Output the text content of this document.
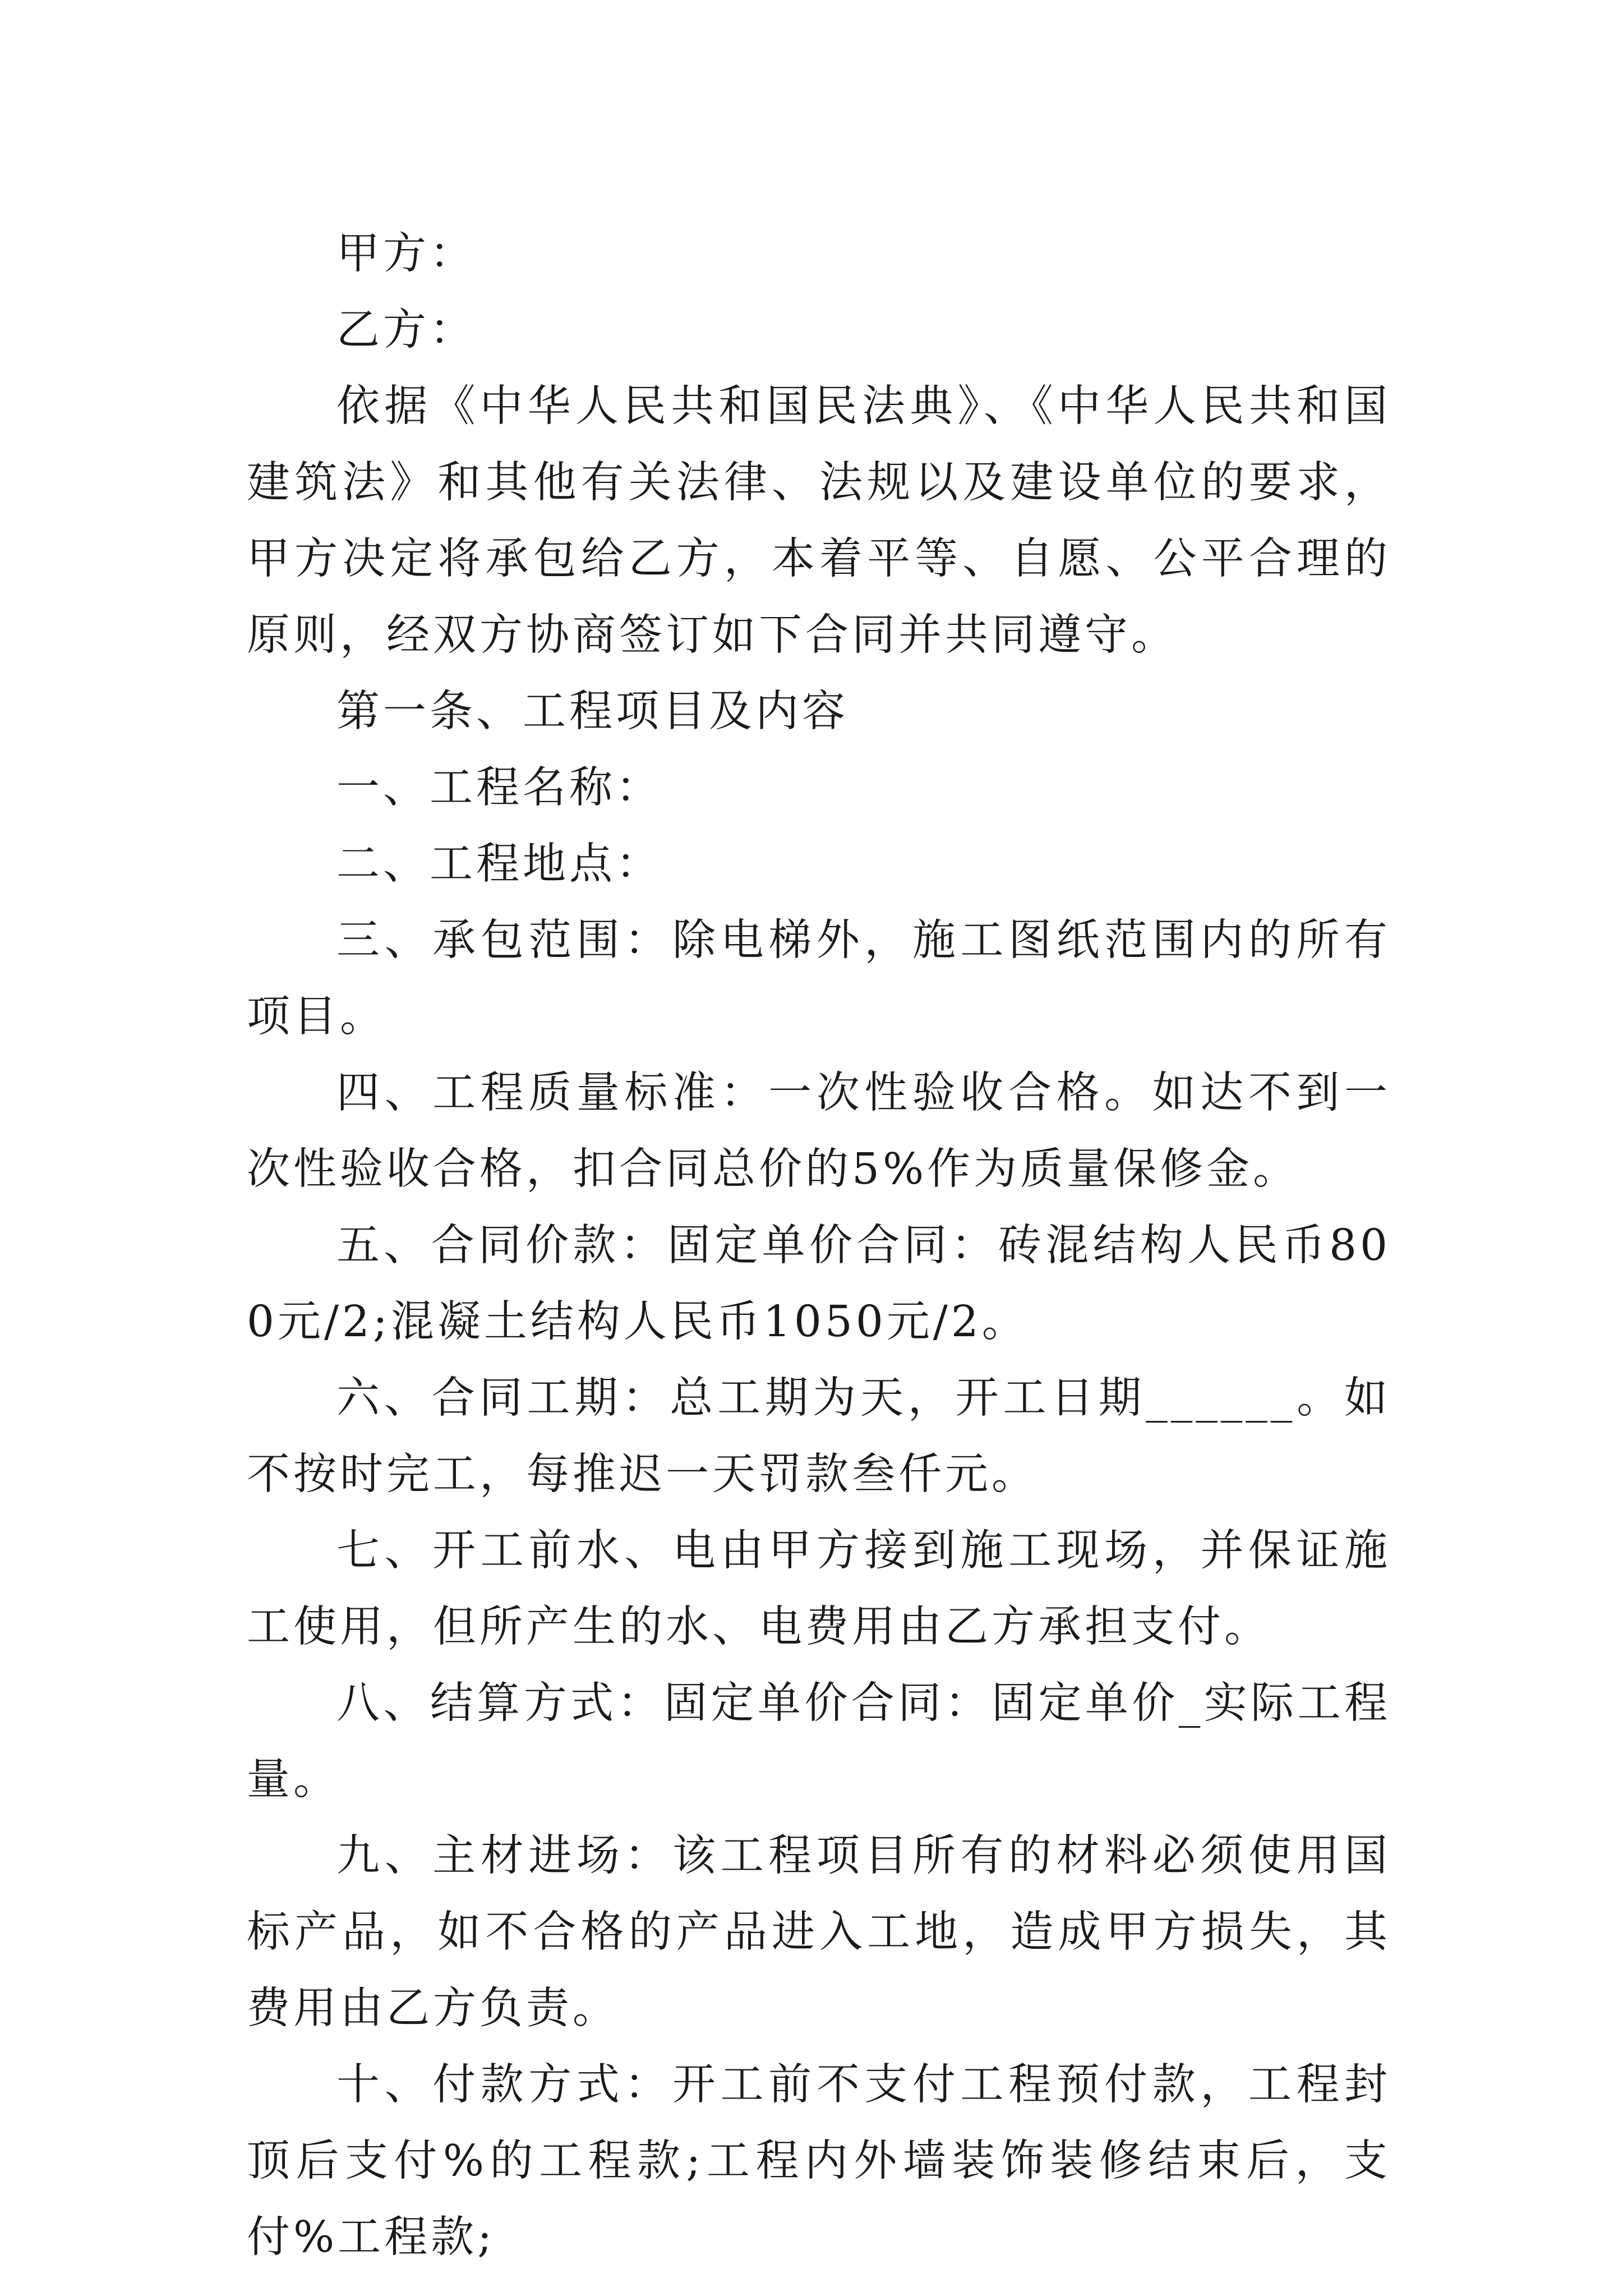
甲方：

乙方：

依据《中华人民共和国民法典》、《中华人民共和国建筑法》和其他有关法律、法规以及建设单位的要求，甲方决定将承包给乙方，本着平等、自愿、公平合理的原则，经双方协商签订如下合同并共同遵守。

第一条、工程项目及内容

一、工程名称：

二、工程地点：

三、承包范围：除电梯外，施工图纸范围内的所有项目。

四、工程质量标准：一次性验收合格。如达不到一次性验收合格，扣合同总价的5%作为质量保修金。

五、合同价款：固定单价合同：砖混结构人民币800元/2;混凝土结构人民币1050元/2。

六、合同工期：总工期为天，开工日期______。如不按时完工，每推迟一天罚款叁仟元。

七、开工前水、电由甲方接到施工现场，并保证施工使用，但所产生的水、电费用由乙方承担支付。

八、结算方式：固定单价合同：固定单价_实际工程量。

九、主材进场：该工程项目所有的材料必须使用国标产品，如不合格的产品进入工地，造成甲方损失，其费用由乙方负责。

十、付款方式：开工前不支付工程预付款，工程封顶后支付%的工程款;工程内外墙装饰装修结束后，支付%工程款;
